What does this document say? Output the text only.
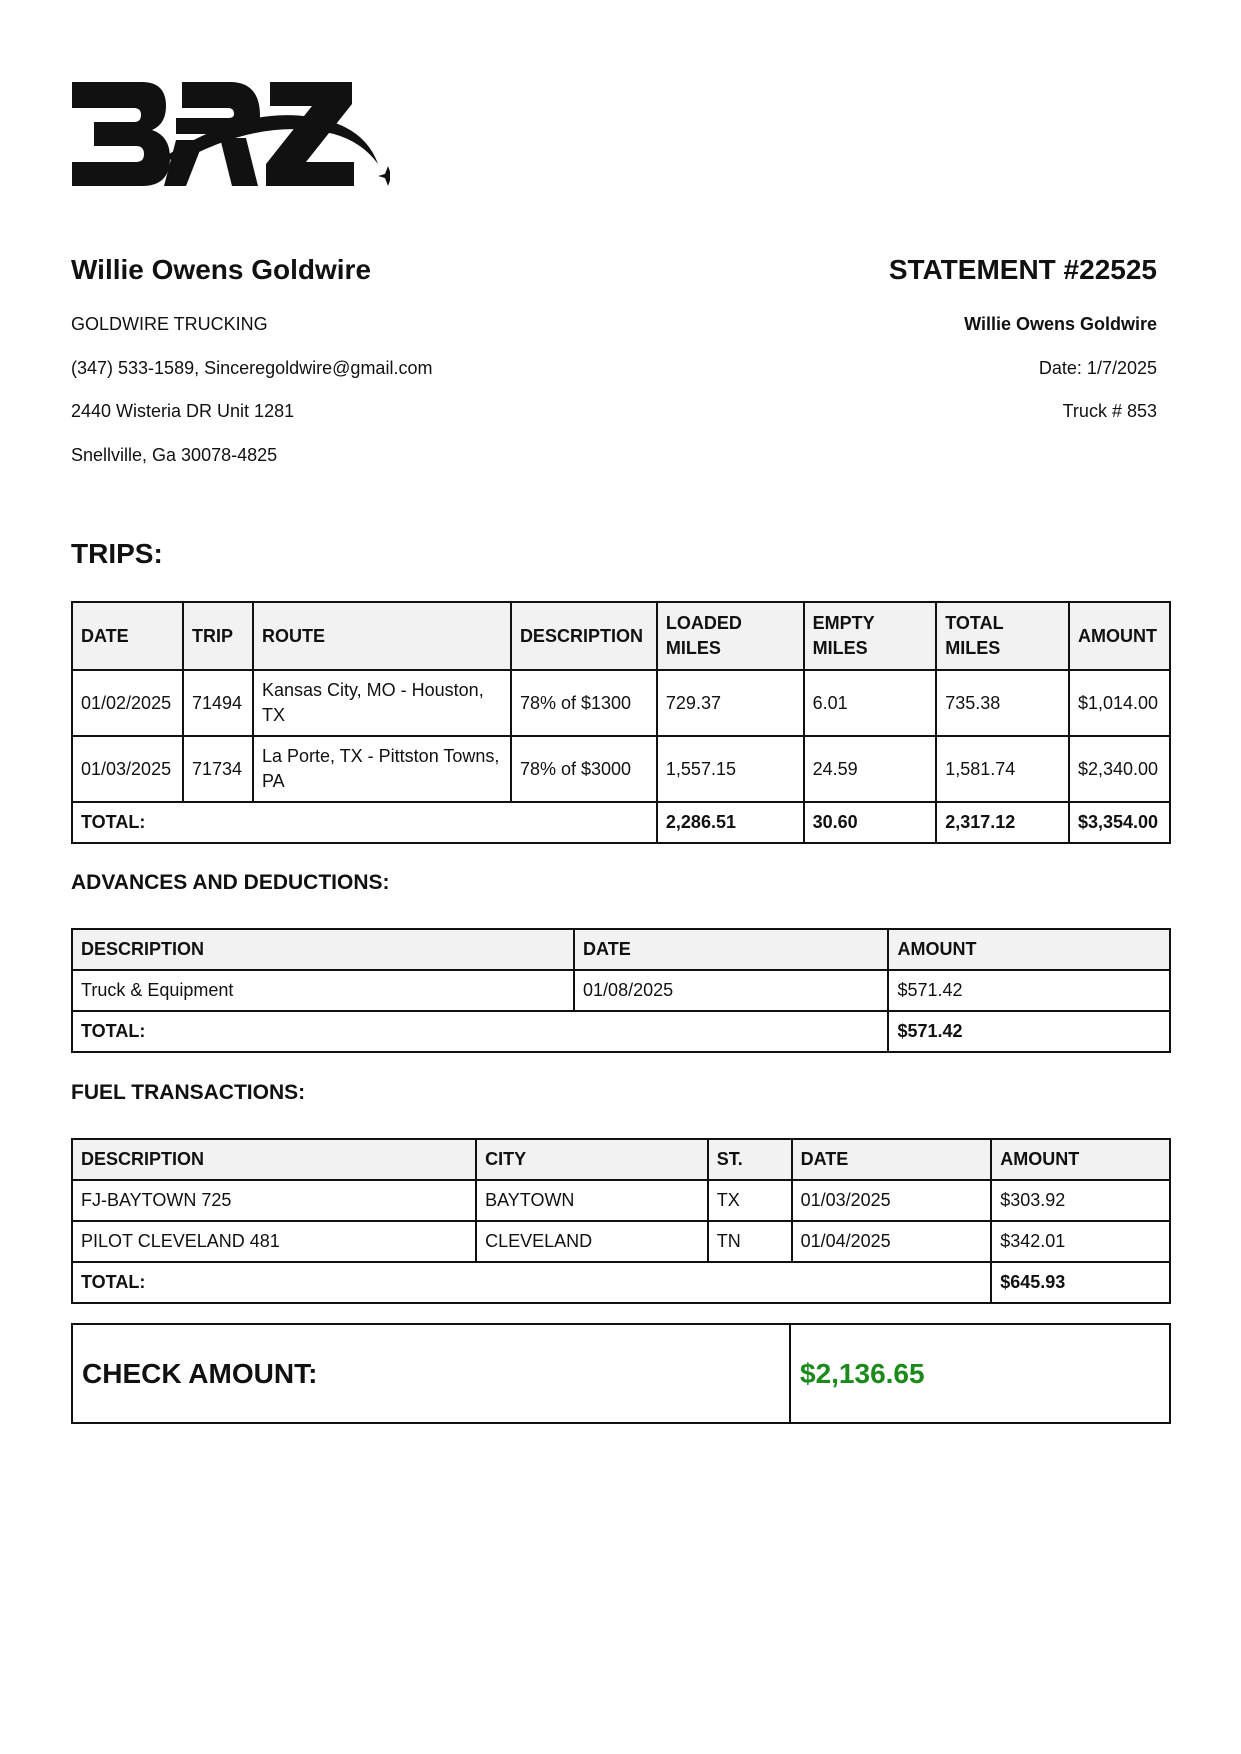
Willie Owens Goldwire	STATEMENT #22525
GOLDWIRE TRUCKING
(347) 533-1589, Sinceregoldwire@gmail.com
2440 Wisteria DR Unit 1281
Snellville, Ga 30078-4825
Willie Owens Goldwire
Date: 1/7/2025
Truck # 853
TRIPS:
DATE	TRIP	ROUTE	DESCRIPTION	LOADED MILES	EMPTY MILES	TOTAL MILES	AMOUNT
01/02/2025	71494	Kansas City, MO - Houston, TX	78% of $1300	729.37	6.01	735.38	$1,014.00
01/03/2025	71734	La Porte, TX - Pittston Towns, PA	78% of $3000	1,557.15	24.59	1,581.74	$2,340.00
TOTAL:				2,286.51	30.60	2,317.12	$3,354.00
ADVANCES AND DEDUCTIONS:
DESCRIPTION	DATE	AMOUNT
Truck & Equipment	01/08/2025	$571.42
TOTAL:		$571.42
FUEL TRANSACTIONS:
DESCRIPTION	CITY	ST.	DATE	AMOUNT
FJ-BAYTOWN 725	BAYTOWN	TX	01/03/2025	$303.92
PILOT CLEVELAND 481	CLEVELAND	TN	01/04/2025	$342.01
TOTAL:				$645.93
CHECK AMOUNT:	$2,136.65
